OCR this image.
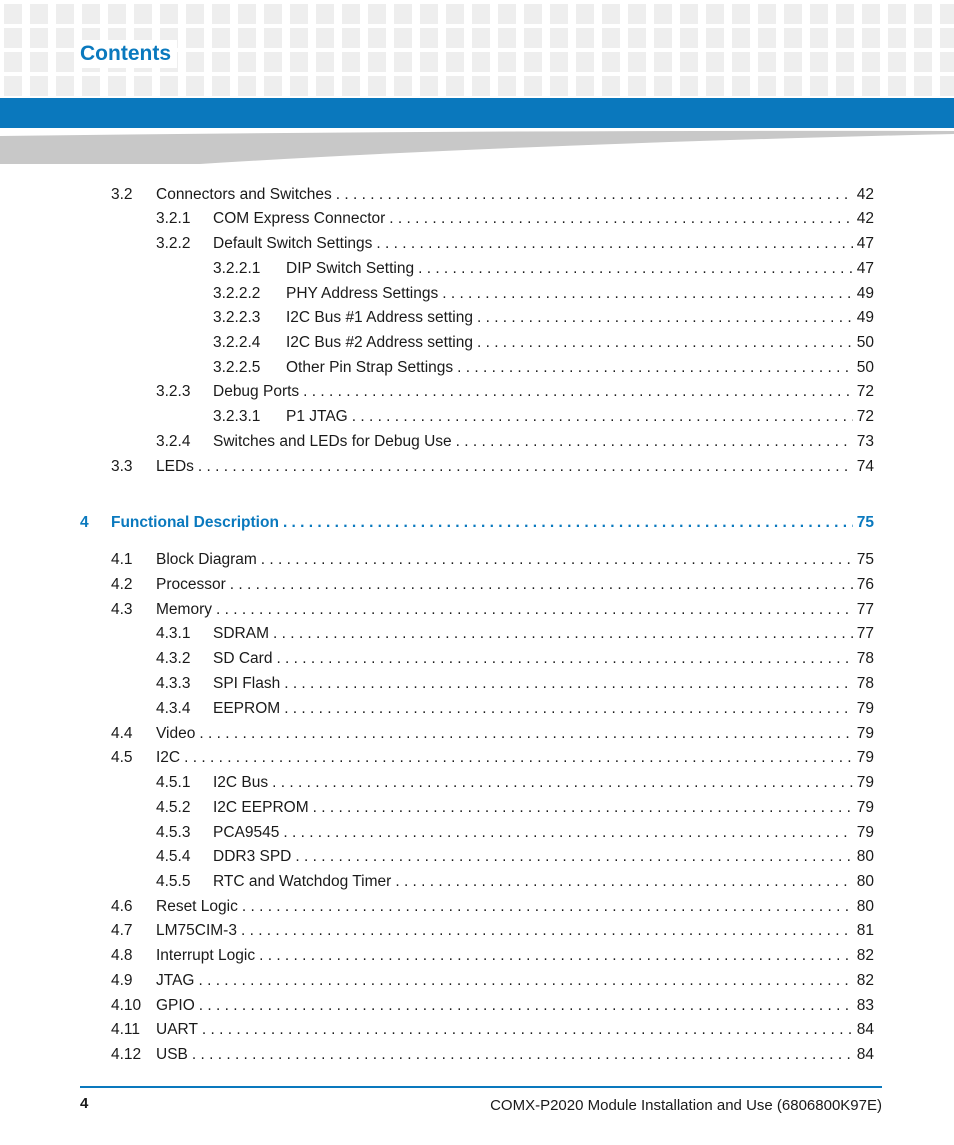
Contents
3.2	Connectors and Switches . . .	42
3.2.1	COM Express Connector . . .	42
3.2.2	Default Switch Settings . . .	47
3.2.2.1	DIP Switch Setting . . .	47
3.2.2.2	PHY Address Settings . . .	49
3.2.2.3	I2C Bus #1 Address setting . . .	49
3.2.2.4	I2C Bus #2 Address setting . . .	50
3.2.2.5	Other Pin Strap Settings . . .	50
3.2.3	Debug Ports . . .	72
3.2.3.1	P1 JTAG . . .	72
3.2.4	Switches and LEDs for Debug Use . . .	73
3.3	LEDs . . .	74
4	Functional Description . . .	75
4.1	Block Diagram . . .	75
4.2	Processor . . .	76
4.3	Memory . . .	77
4.3.1	SDRAM . . .	77
4.3.2	SD Card . . .	78
4.3.3	SPI Flash . . .	78
4.3.4	EEPROM . . .	79
4.4	Video . . .	79
4.5	I2C . . .	79
4.5.1	I2C Bus . . .	79
4.5.2	I2C EEPROM . . .	79
4.5.3	PCA9545 . . .	79
4.5.4	DDR3 SPD . . .	80
4.5.5	RTC and Watchdog Timer . . .	80
4.6	Reset Logic . . .	80
4.7	LM75CIM-3 . . .	81
4.8	Interrupt Logic . . .	82
4.9	JTAG . . .	82
4.10 GPIO . . .	83
4.11	UART . . .	84
4.12 USB . . .	84
4	COMX-P2020 Module Installation and Use (6806800K97E)
